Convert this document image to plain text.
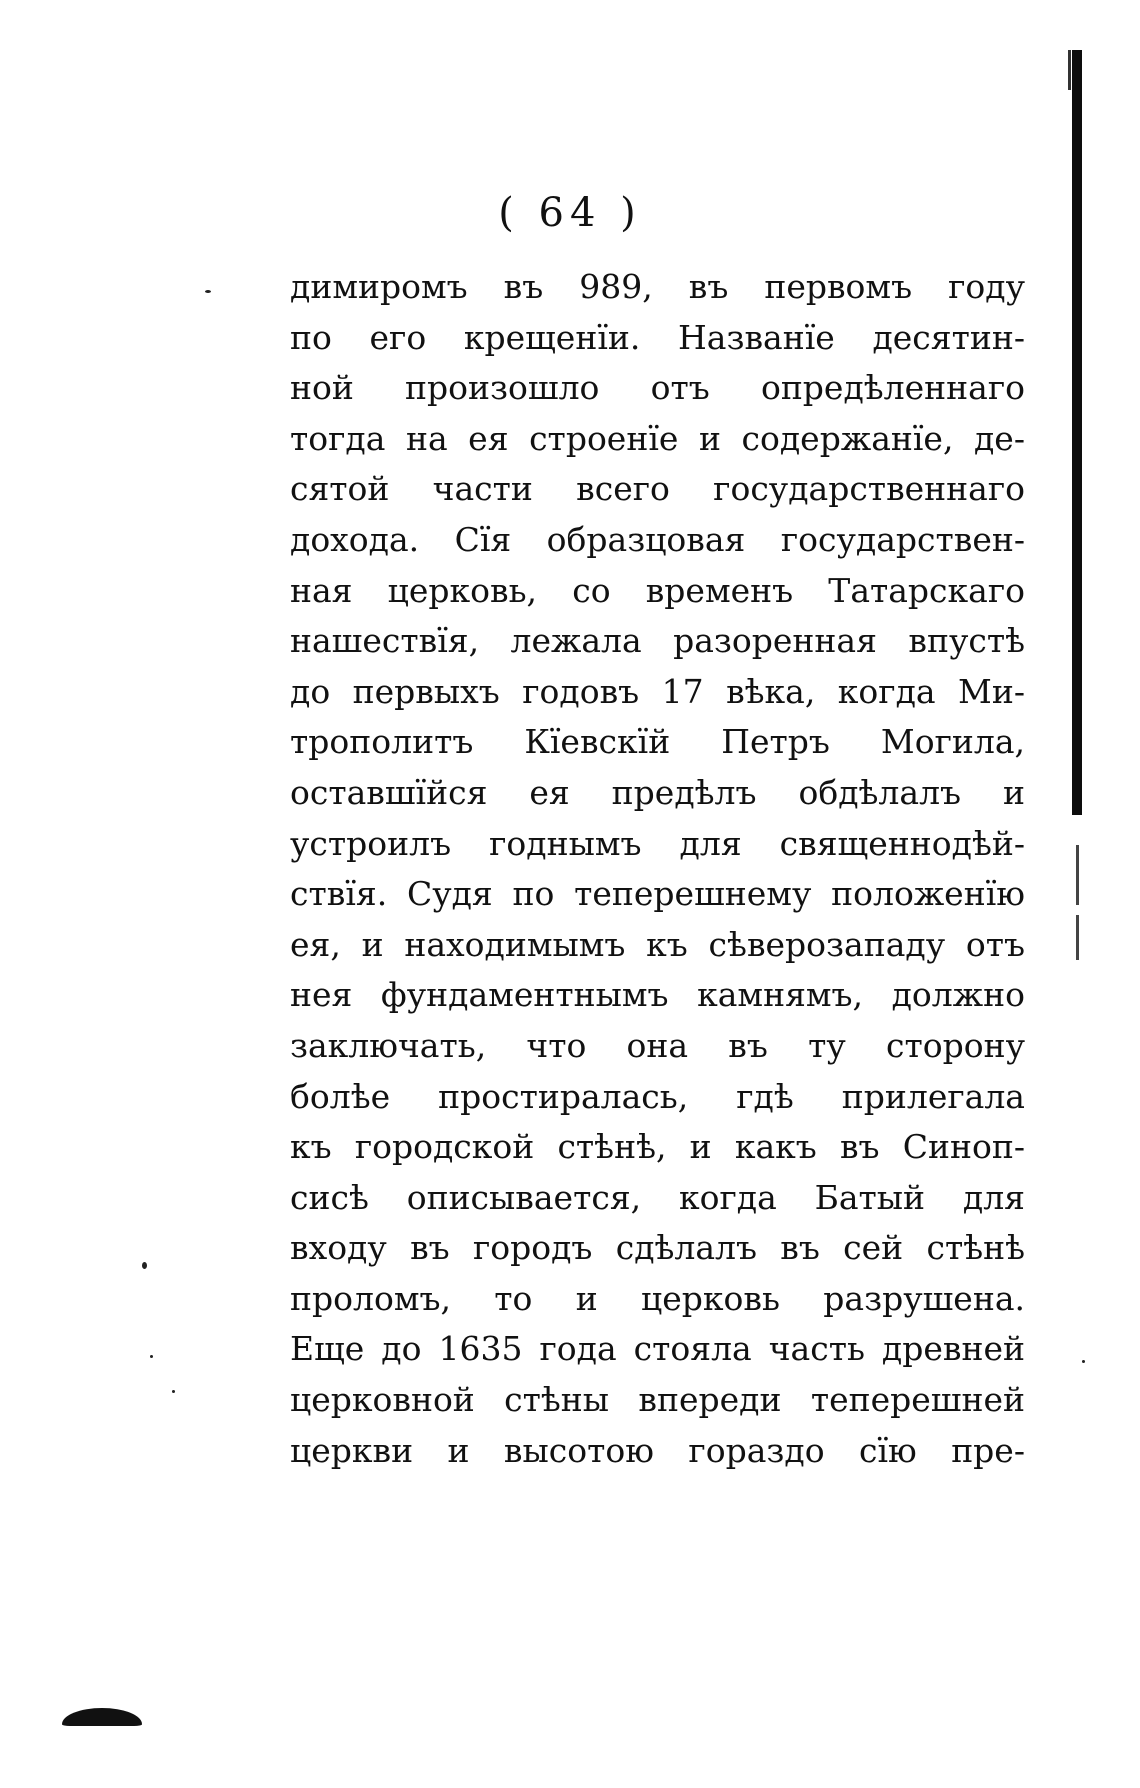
( 64 )
димиромъ въ 989, въ первомъ году
по его крещенїи. Названїе десятин-
ной произошло отъ опредѣленнаго
тогда на ея строенїе и содержанїе, де-
сятой части всего государственнаго
дохода. Сїя образцовая государствен-
ная церковь, со временъ Татарскаго
нашествїя, лежала разоренная впустѣ
до первыхъ годовъ 17 вѣка, когда Ми-
трополитъ Кїевскїй Петръ Могила,
оставшїйся ея предѣлъ обдѣлалъ и
устроилъ годнымъ для священнодѣй-
ствїя. Судя по теперешнему положенїю
ея, и находимымъ къ сѣверозападу отъ
нея фундаментнымъ камнямъ, должно
заключать, что она въ ту сторону
болѣе простиралась, гдѣ прилегала
къ городской стѣнѣ, и какъ въ Синоп-
сисѣ описывается, когда Батый для
входу въ городъ сдѣлалъ въ сей стѣнѣ
проломъ, то и церковь разрушена.
Еще до 1635 года стояла часть древней
церковной стѣны впереди теперешней
церкви и высотою гораздо сїю пре-
